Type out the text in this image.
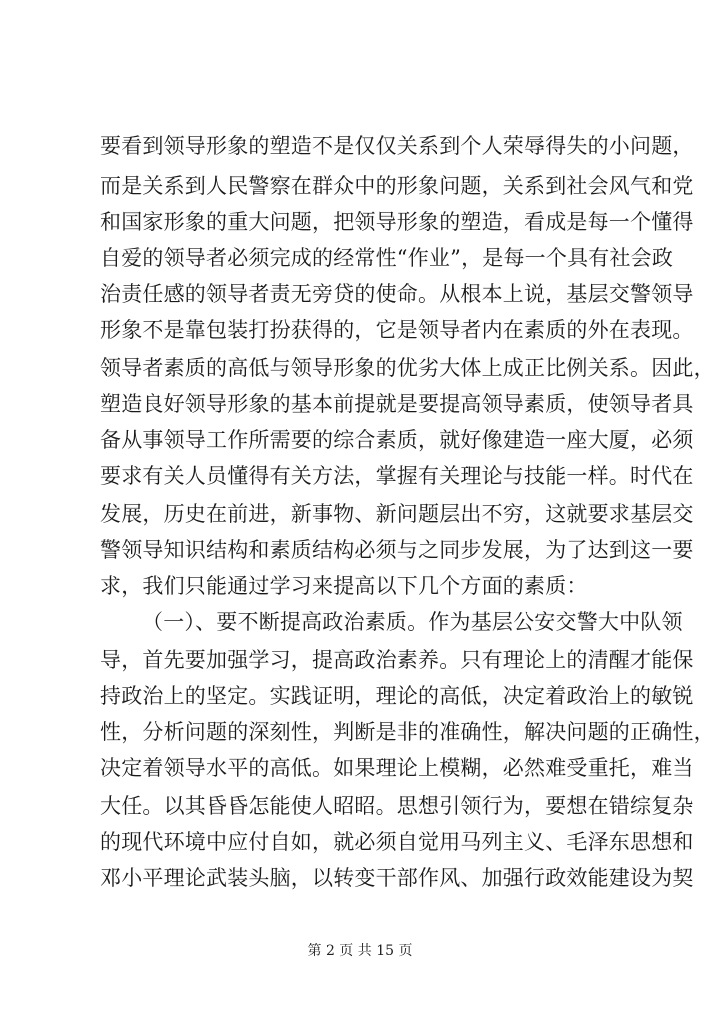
要看到领导形象的塑造不是仅仅关系到个人荣辱得失的小问题，
而是关系到人民警察在群众中的形象问题，关系到社会风气和党
和国家形象的重大问题，把领导形象的塑造，看成是每一个懂得
自爱的领导者必须完成的经常性“作业”，是每一个具有社会政
治责任感的领导者责无旁贷的使命。从根本上说，基层交警领导
形象不是靠包装打扮获得的，它是领导者内在素质的外在表现。
领导者素质的高低与领导形象的优劣大体上成正比例关系。因此，
塑造良好领导形象的基本前提就是要提高领导素质，使领导者具
备从事领导工作所需要的综合素质，就好像建造一座大厦，必须
要求有关人员懂得有关方法，掌握有关理论与技能一样。时代在
发展，历史在前进，新事物、新问题层出不穷，这就要求基层交
警领导知识结构和素质结构必须与之同步发展，为了达到这一要
求，我们只能通过学习来提高以下几个方面的素质：
（一）、要不断提高政治素质。作为基层公安交警大中队领
导，首先要加强学习，提高政治素养。只有理论上的清醒才能保
持政治上的坚定。实践证明，理论的高低，决定着政治上的敏锐
性，分析问题的深刻性，判断是非的准确性，解决问题的正确性，
决定着领导水平的高低。如果理论上模糊，必然难受重托，难当
大任。以其昏昏怎能使人昭昭。思想引领行为，要想在错综复杂
的现代环境中应付自如，就必须自觉用马列主义、毛泽东思想和
邓小平理论武装头脑，以转变干部作风、加强行政效能建设为契
第 2 页 共 15 页
